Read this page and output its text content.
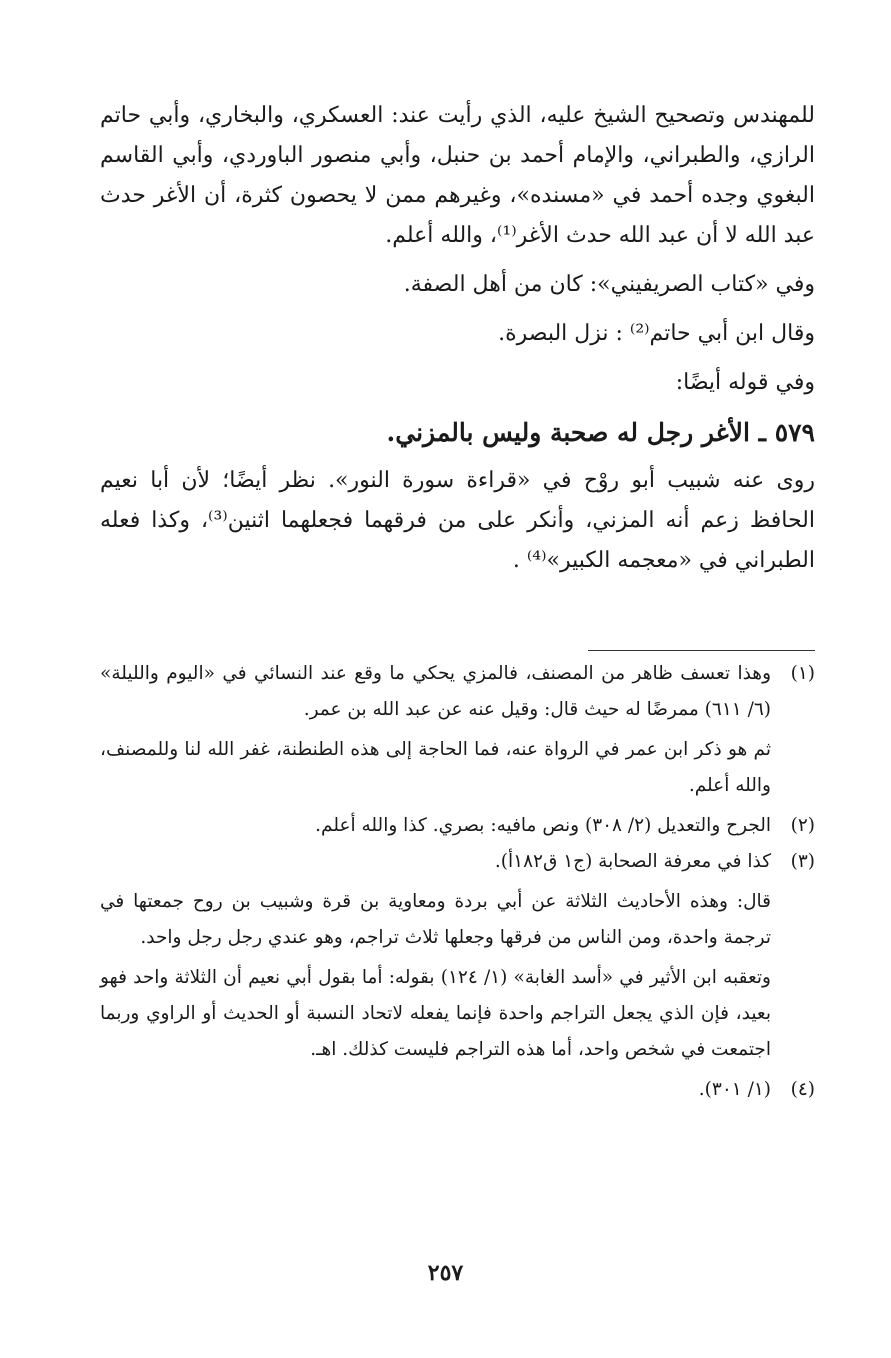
للمهندس وتصحيح الشيخ عليه، الذي رأيت عند: العسكري، والبخاري، وأبي حاتم الرازي، والطبراني، والإمام أحمد بن حنبل، وأبي منصور الباوردي، وأبي القاسم البغوي وجده أحمد في «مسنده»، وغيرهم ممن لا يحصون كثرة، أن الأغر حدث عبد الله لا أن عبد الله حدث الأغر⁽¹⁾، والله أعلم.

وفي «كتاب الصريفيني»: كان من أهل الصفة.

وقال ابن أبي حاتم⁽²⁾ : نزل البصرة.

وفي قوله أيضًا:

٥٧٩ ـ الأغر رجل له صحبة وليس بالمزني.

روى عنه شبيب أبو روْح في «قراءة سورة النور». نظر أيضًا؛ لأن أبا نعيم الحافظ زعم أنه المزني، وأنكر على من فرقهما فجعلهما اثنين⁽³⁾، وكذا فعله الطبراني في «معجمه الكبير»⁽⁴⁾ .

(١)
وهذا تعسف ظاهر من المصنف، فالمزي يحكي ما وقع عند النسائي في «اليوم والليلة» (٦/ ٦١١) ممرضًا له حيث قال: وقيل عنه عن عبد الله بن عمر.

ثم هو ذكر ابن عمر في الرواة عنه، فما الحاجة إلى هذه الطنطنة، غفر الله لنا وللمصنف، والله أعلم.

(٢)
الجرح والتعديل (٢/ ٣٠٨) ونص مافيه: بصري. كذا والله أعلم.
(٣)
كذا في معرفة الصحابة (ج١ ق١٨٢أ).

قال: وهذه الأحاديث الثلاثة عن أبي بردة ومعاوية بن قرة وشبيب بن روح جمعتها في ترجمة واحدة، ومن الناس من فرقها وجعلها ثلاث تراجم، وهو عندي رجل رجل واحد.

وتعقبه ابن الأثير في «أسد الغابة» (١/ ١٢٤) بقوله: أما بقول أبي نعيم أن الثلاثة واحد فهو بعيد، فإن الذي يجعل التراجم واحدة فإنما يفعله لاتحاد النسبة أو الحديث أو الراوي وربما اجتمعت في شخص واحد، أما هذه التراجم فليست كذلك. اهـ.

(٤)
(١/ ٣٠١).
٢٥٧
